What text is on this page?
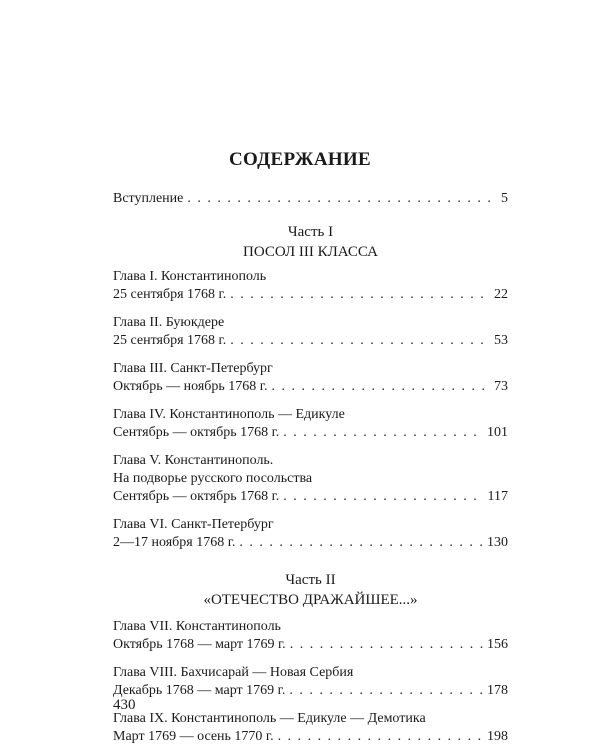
СОДЕРЖАНИЕ
Вступление . . .	5
Часть I
ПОСОЛ III КЛАССА
Глава I. Константинополь
25 сентября 1768 г. . . .	22
Глава II. Буюкдере
25 сентября 1768 г. . . .	53
Глава III. Санкт-Петербург
Октябрь — ноябрь 1768 г. . . .	73
Глава IV. Константинополь — Едикуле
Сентябрь — октябрь 1768 г. . . .	101
Глава V. Константинополь.
На подворье русского посольства
Сентябрь — октябрь 1768 г. . . .	117
Глава VI. Санкт-Петербург
2—17 ноября 1768 г. . . .	130
Часть II
«ОТЕЧЕСТВО ДРАЖАЙШЕЕ...»
Глава VII. Константинополь
Октябрь 1768 — март 1769 г. . . .	156
Глава VIII. Бахчисарай — Новая Сербия
Декабрь 1768 — март 1769 г. . . .	178
Глава IX. Константинополь — Едикуле — Демотика
Март 1769 — осень 1770 г. . . .	198
430
